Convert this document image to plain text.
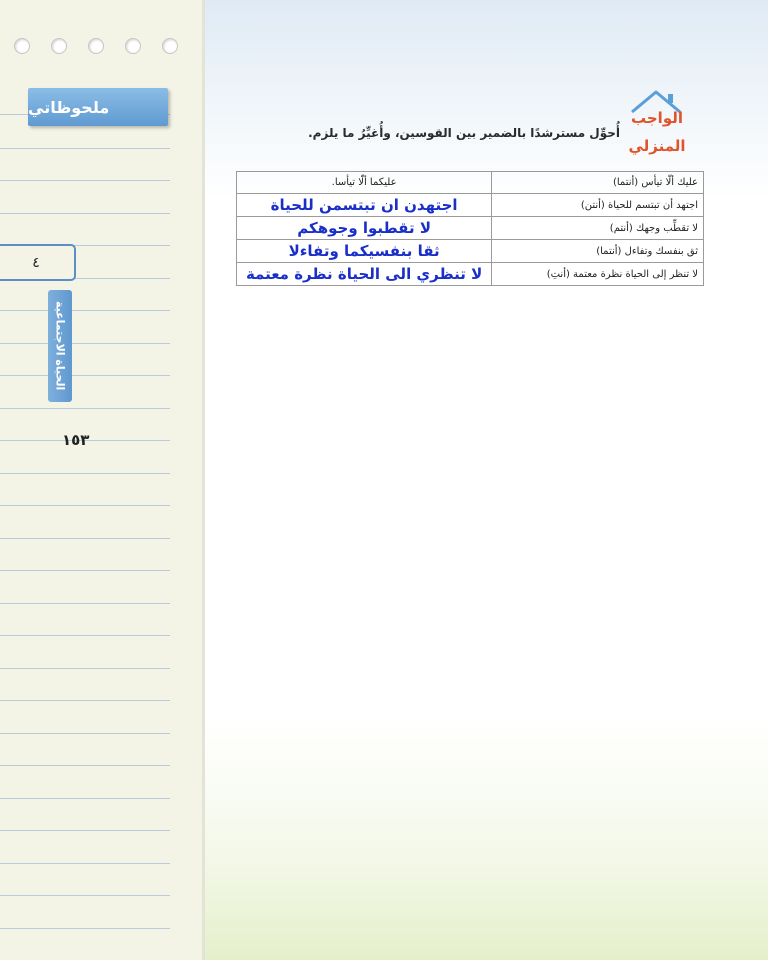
ملحوظاتي
٤
الحياة الاجتماعية
١٥٣
الواجب
المنزلي
أُحوِّل مسترشدًا بالضمير بين القوسين، وأُغيِّرُ ما يلزم.
عليك ألّا تيأس (أنتما)	عليكما ألّا تيأسا.
اجتهد أن تبتسم للحياة (أنتن)	اجتهدن ان تبتسمن للحياة
لا تقطِّب وجهك (أنتم)	لا تقطبوا وجوهكم
ثق بنفسك وتفاءل (أنتما)	ثقا بنفسيكما وتفاءلا
لا تنظر إلى الحياة نظرة معتمة (أنتِ)	لا تنظري الى الحياة نظرة معتمة
